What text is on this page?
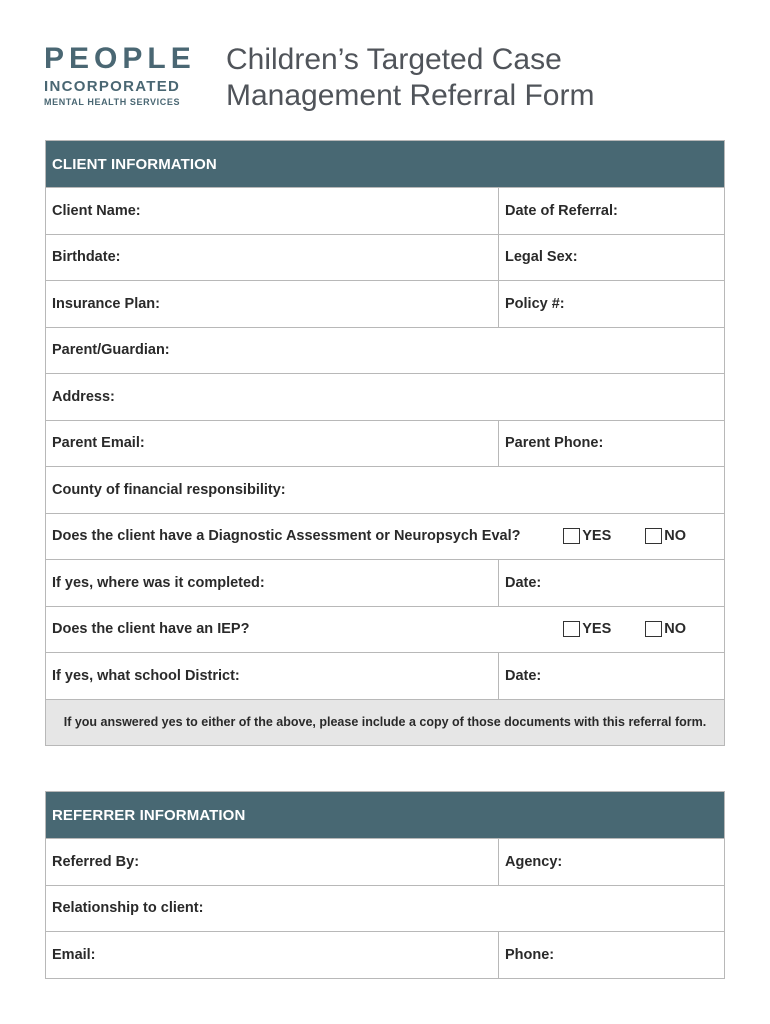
PEOPLE
INCORPORATED
MENTAL HEALTH SERVICES
Children’s Targeted Case
Management Referral Form
CLIENT INFORMATION
Client Name:	Date of Referral:
Birthdate:	Legal Sex:
Insurance Plan:	Policy #:
Parent/Guardian:
Address:
Parent Email:	Parent Phone:
County of financial responsibility:
Does the client have a Diagnostic Assessment or Neuropsych Eval?	YES	NO
If yes, where was it completed:	Date:
Does the client have an IEP?	YES	NO
If yes, what school District:	Date:
If you answered yes to either of the above, please include a copy of those documents with this referral form.
REFERRER INFORMATION
Referred By:	Agency:
Relationship to client:
Email:	Phone:
